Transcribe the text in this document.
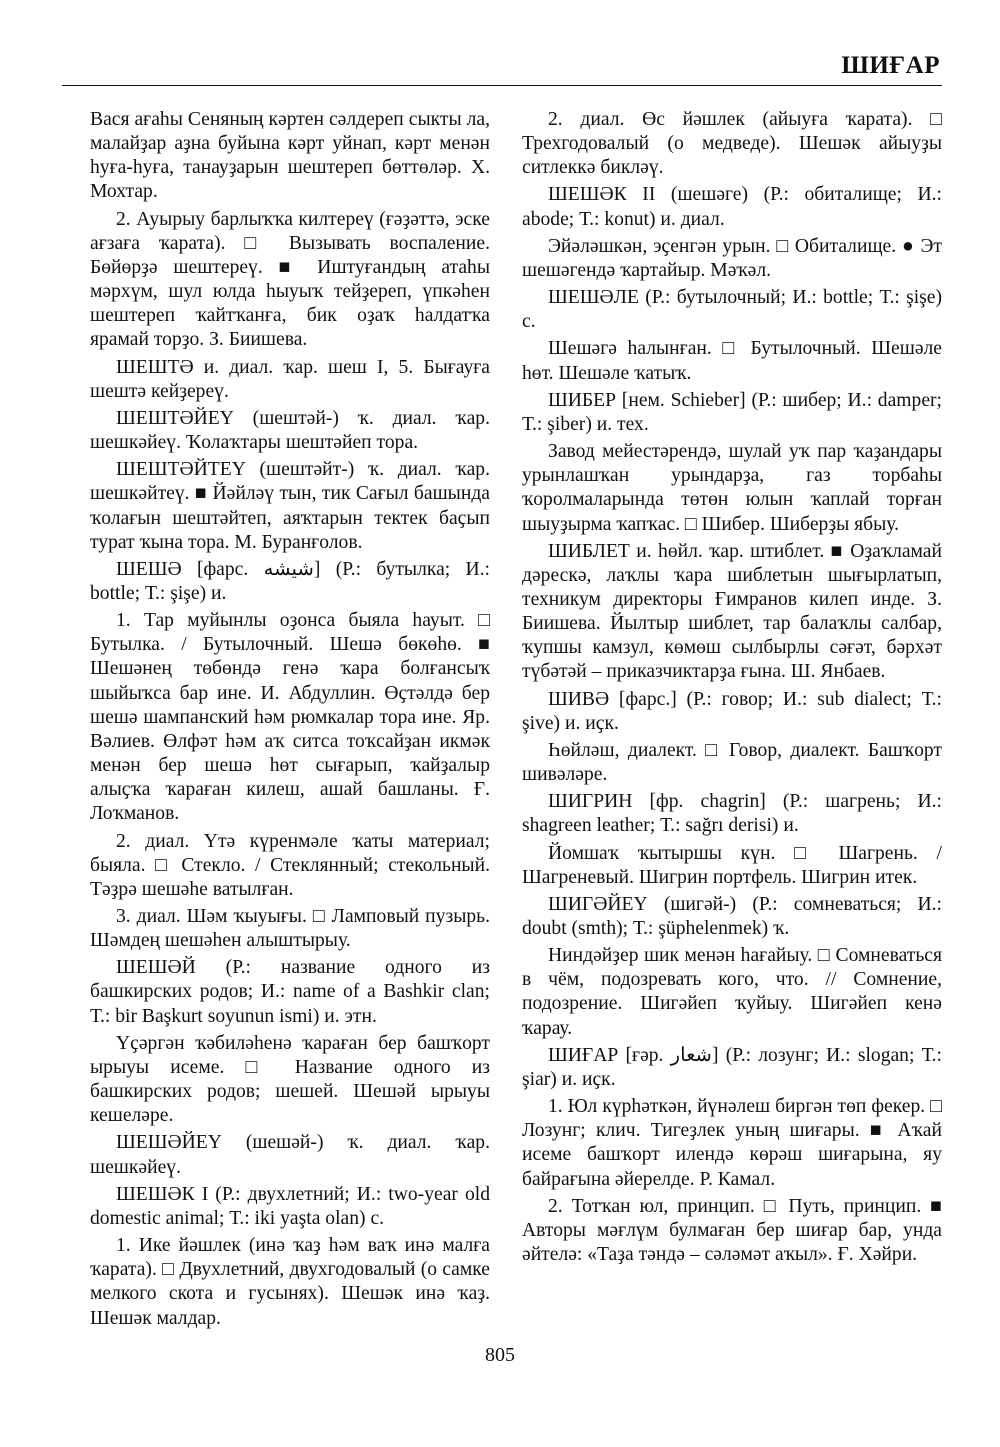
ШИҒАР

Вася ағаһы Сеняның кәртен сәлдереп сыкты ла, малайҙар аҙна буйына кәрт уйнап, кәрт менән һуға-һуға, танауҙарын шештереп бөттөләр. Х. Мохтар.

2. Ауырыу барлыҡҡа килтереү (ғәҙәттә, эске ағзаға ҡарата). □ Вызывать воспаление. Бөйөрҙә шештереү. ■ Иштуғандың атаһы мәрхүм, шул юлда һыуыҡ тейҙереп, үпкәһен шештереп ҡайтҡанға, бик оҙаҡ һалдатҡа ярамай торҙо. З. Биишева.

ШЕШТӘ и. диал. ҡар. шеш I, 5. Бығауға шештә кейҙереү.

ШЕШТӘЙЕҮ (шештәй-) ҡ. диал. ҡар. шешкәйеү. Ҡолаҡтары шештәйеп тора.

ШЕШТӘЙТЕҮ (шештәйт-) ҡ. диал. ҡар. шешкәйтеү. ■ Йәйләү тын, тик Сағыл башында ҡолағын шештәйтеп, аяҡтарын тектек баҫып турат ҡына тора. М. Буранғолов.

ШЕШӘ [фарс. شيشه] (Р.: бутылка; И.: bottle; Т.: şişe) и.

1. Тар муйынлы оҙонса быяла һауыт. □ Бутылка. / Бутылочный. Шешә бөкөһө. ■ Шешәнең төбөндә генә ҡара болғансыҡ шыйыҡса бар ине. И. Абдуллин. Өҫтәлдә бер шешә шампанский һәм рюмкалар тора ине. Яр. Вәлиев. Өлфәт һәм аҡ ситса тоҡсайҙан икмәк менән бер шешә һөт сығарып, ҡайҙалыр алыҫҡа ҡараған килеш, ашай башланы. Ғ. Лоҡманов.

2. диал. Үтә күренмәле ҡаты материал; быяла. □ Стекло. / Стеклянный; стекольный. Тәҙрә шешәһе ватылған.

3. диал. Шәм ҡыуығы. □ Ламповый пузырь. Шәмдең шешәһен алыштырыу.

ШЕШӘЙ (Р.: название одного из башкирских родов; И.: name of a Bashkir clan; Т.: bir Başkurt soyunun ismi) и. этн.

Үҫәргән ҡәбиләһенә ҡараған бер башҡорт ырыуы исеме. □ Название одного из башкирских родов; шешей. Шешәй ырыуы кешеләре.

ШЕШӘЙЕҮ (шешәй-) ҡ. диал. ҡар. шешкәйеү.

ШЕШӘК I (Р.: двухлетний; И.: two-year old domestic animal; Т.: iki yaşta olan) с.

1. Ике йәшлек (инә ҡаҙ һәм ваҡ инә малға ҡарата). □ Двухлетний, двухгодовалый (о самке мелкого скота и гусынях). Шешәк инә ҡаҙ. Шешәк малдар.

2. диал. Өс йәшлек (айыуға ҡарата). □ Трехгодовалый (о медведе). Шешәк айыуҙы ситлеккә бикләү.

ШЕШӘК II (шешәге) (Р.: обиталище; И.: abode; Т.: konut) и. диал.

Эйәләшкән, эҫенгән урын. □ Обиталище. ● Эт шешәгендә ҡартайыр. Мәҡәл.

ШЕШӘЛЕ (Р.: бутылочный; И.: bottle; Т.: şişe) с.

Шешәгә һалынған. □ Бутылочный. Шешәле һөт. Шешәле ҡатыҡ.

ШИБЕР [нем. Schieber] (Р.: шибер; И.: damper; Т.: şiber) и. тех.

Завод мейестәрендә, шулай уҡ пар ҡаҙандары урынлашҡан урындарҙа, газ торбаһы ҡоролмаларында төтөн юлын ҡаплай торған шыуҙырма ҡапҡас. □ Шибер. Шиберҙы ябыу.

ШИБЛЕТ и. һөйл. ҡар. штиблет. ■ Оҙаҡламай дәрескә, лаҡлы ҡара шиблетын шығырлатып, техникум директоры Ғимранов килеп инде. З. Биишева. Йылтыр шиблет, тар балаҡлы салбар, ҡупшы камзул, көмөш сылбырлы сәғәт, бәрхәт түбәтәй – приказчиктарҙа ғына. Ш. Янбаев.

ШИВӘ [фарс.] (Р.: говор; И.: sub dialect; Т.: şive) и. иҫк.

Һөйләш, диалект. □ Говор, диалект. Башҡорт шивәләре.

ШИГРИН [фр. chagrin] (Р.: шагрень; И.: shagreen leather; Т.: sağrı derisi) и.

Йомшаҡ ҡытыршы күн. □ Шагрень. / Шагреневый. Шигрин портфель. Шигрин итек.

ШИГӘЙЕҮ (шигәй-) (Р.: сомневаться; И.: doubt (smth); Т.: şüphelenmek) ҡ.

Ниндәйҙер шик менән һағайыу. □ Сомневаться в чём, подозревать кого, что. // Сомнение, подозрение. Шигәйеп ҡуйыу. Шигәйеп кенә ҡарау.

ШИҒАР [ғәр. شعار] (Р.: лозунг; И.: slogan; Т.: şiar) и. иҫк.

1. Юл күрһәткән, йүнәлеш биргән төп фекер. □ Лозунг; клич. Тигеҙлек уның шиғары. ■ Аҡай исеме башҡорт илендә көрәш шиғарына, яу байрағына әйерелде. Р. Камал.

2. Тотҡан юл, принцип. □ Путь, принцип. ■ Авторы мәғлүм булмаған бер шиғар бар, унда әйтелә: «Таҙа тәндә – сәләмәт аҡыл». Ғ. Хәйри.

805
